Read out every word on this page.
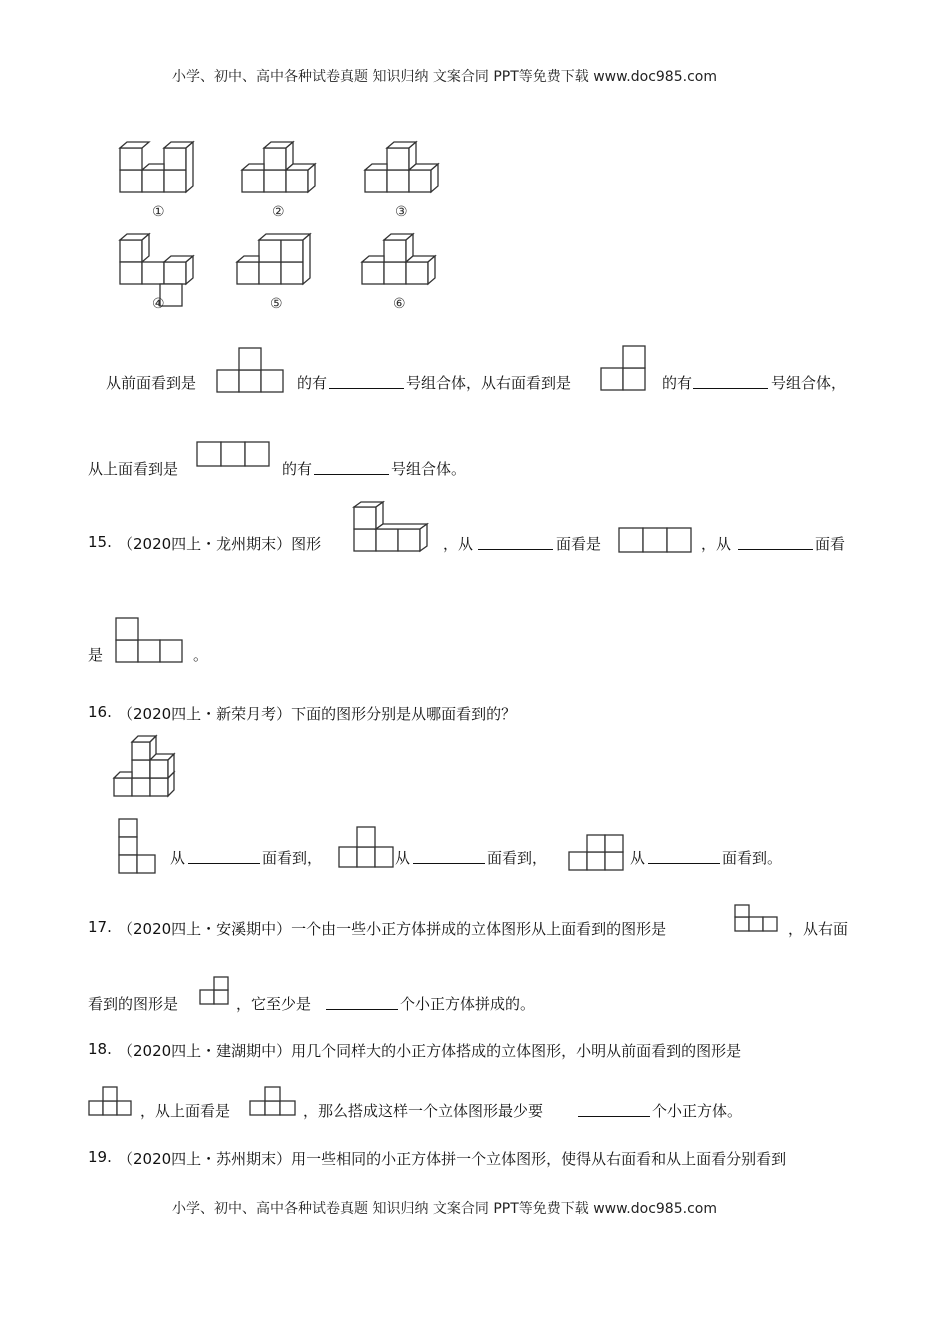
小学、初中、高中各种试卷真题 知识归纳 文案合同 PPT等免费下载 www.doc985.com
①	②	③
④	⑤	⑥
从前面看到是	的有	号组合体，从右面看到是	的有	号组合体，
从上面看到是	的有	号组合体。
15. （2020四上・龙州期末）图形	，从	面看是	，从	面看
是	。
16. （2020四上・新荣月考）下面的图形分别是从哪面看到的？
从	面看到，	从	面看到，	从	面看到。
17. （2020四上・安溪期中）一个由一些小正方体拼成的立体图形从上面看到的图形是	，从右面
看到的图形是	，它至少是	个小正方体拼成的。
18. （2020四上・建湖期中）用几个同样大的小正方体搭成的立体图形，小明从前面看到的图形是
，从上面看是	，那么搭成这样一个立体图形最少要	个小正方体。
19. （2020四上・苏州期末）用一些相同的小正方体拼一个立体图形，使得从右面看和从上面看分别看到
小学、初中、高中各种试卷真题 知识归纳 文案合同 PPT等免费下载 www.doc985.com
